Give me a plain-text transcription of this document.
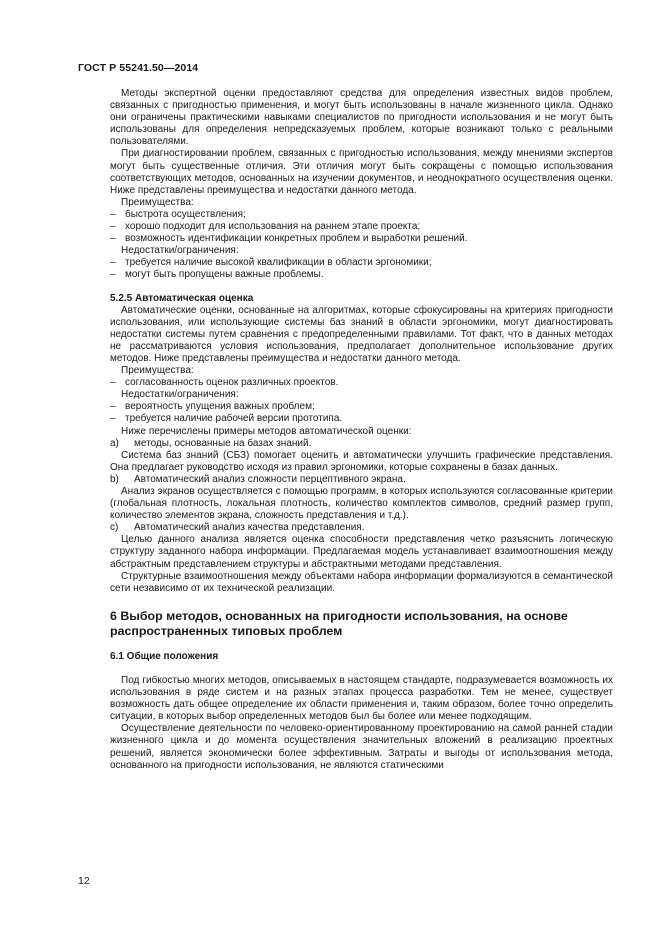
ГОСТ Р 55241.50—2014

Методы экспертной оценки предоставляют средства для определения известных видов проблем, связанных с пригодностью применения, и могут быть использованы в начале жизненного цикла. Однако они ограничены практическими навыками специалистов по пригодности использования и не могут быть использованы для определения непредсказуемых проблем, которые возникают только с реальными пользователями.

При диагностировании проблем, связанных с пригодностью использования, между мнениями экспертов могут быть существенные отличия. Эти отличия могут быть сокращены с помощью использования соответствующих методов, основанных на изучении документов, и неоднократного осуществления оценки. Ниже представлены преимущества и недостатки данного метода.

Преимущества:

– быстрота осуществления;
– хорошо подходит для использования на раннем этапе проекта;
– возможность идентификации конкретных проблем и выработки решений.

Недостатки/ограничения:

– требуется наличие высокой квалификации в области эргономики;
– могут быть пропущены важные проблемы.
5.2.5 Автоматическая оценка

Автоматические оценки, основанные на алгоритмах, которые сфокусированы на критериях пригодности использования, или использующие системы баз знаний в области эргономики, могут диагностировать недостатки системы путем сравнения с предопределенными правилами. Тот факт, что в данных методах не рассматриваются условия использования, предполагает дополнительное использование других методов. Ниже представлены преимущества и недостатки данного метода.

Преимущества:

– согласованность оценок различных проектов.

Недостатки/ограничения:

– вероятность упущения важных проблем;
– требуется наличие рабочей версии прототипа.

Ниже перечислены примеры методов автоматической оценки:

a)	методы, основанные на базах знаний.

Система баз знаний (СБЗ) помогает оценить и автоматически улучшить графические представления. Она предлагает руководство исходя из правил эргономики, которые сохранены в базах данных.

b)	Автоматический анализ сложности перцептивного экрана.

Анализ экранов осуществляется с помощью программ, в которых используются согласованные критерии (глобальная плотность, локальная плотность, количество комплектов символов, средний размер групп, количество элементов экрана, сложность представления и т.д.).

c)	Автоматический анализ качества представления.

Целью данного анализа является оценка способности представления четко разъяснить логическую структуру заданного набора информации. Предлагаемая модель устанавливает взаимоотношения между абстрактным представлением структуры и абстрактными методами представления.

Структурные взаимоотношения между объектами набора информации формализуются в семантической сети независимо от их технической реализации.

6 Выбор методов, основанных на пригодности использования, на основе распространенных типовых проблем
6.1 Общие положения

Под гибкостью многих методов, описываемых в настоящем стандарте, подразумевается возможность их использования в ряде систем и на разных этапах процесса разработки. Тем не менее, существует возможность дать общее определение их области применения и, таким образом, более точно определить ситуации, в которых выбор определенных методов был бы более или менее подходящим.

Осуществление деятельности по человеко-ориентированному проектированию на самой ранней стадии жизненного цикла и до момента осуществления значительных вложений в реализацию проектных решений, является экономически более эффективным. Затраты и выгоды от использования метода, основанного на пригодности использования, не являются статическими

12
